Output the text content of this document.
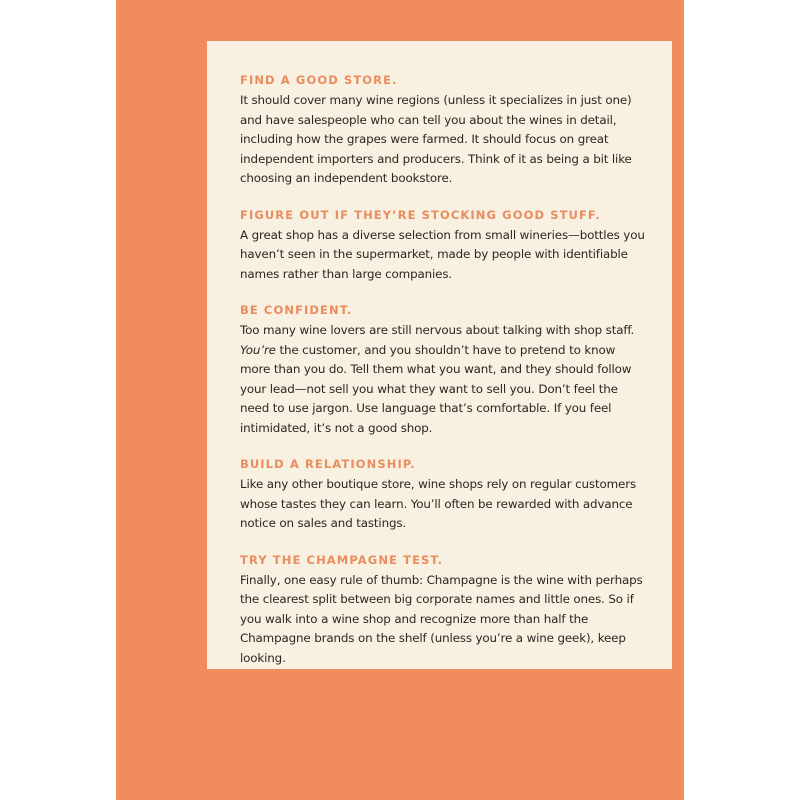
FIND A GOOD STORE.

It should cover many wine regions (unless it specializes in just one) and have salespeople who can tell you about the wines in detail, including how the grapes were farmed. It should focus on great independent importers and producers. Think of it as being a bit like choosing an independent bookstore.

FIGURE OUT IF THEY’RE STOCKING GOOD STUFF.

A great shop has a diverse selection from small wineries—bottles you haven’t seen in the supermarket, made by people with identifiable names rather than large companies.

BE CONFIDENT.

Too many wine lovers are still nervous about talking with shop staff. You’re the customer, and you shouldn’t have to pretend to know more than you do. Tell them what you want, and they should follow your lead—not sell you what they want to sell you. Don’t feel the need to use jargon. Use language that’s comfortable. If you feel intimidated, it’s not a good shop.

BUILD A RELATIONSHIP.

Like any other boutique store, wine shops rely on regular customers whose tastes they can learn. You’ll often be rewarded with advance notice on sales and tastings.

TRY THE CHAMPAGNE TEST.

Finally, one easy rule of thumb: Champagne is the wine with perhaps the clearest split between big corporate names and little ones. So if you walk into a wine shop and recognize more than half the Champagne brands on the shelf (unless you’re a wine geek), keep looking.
